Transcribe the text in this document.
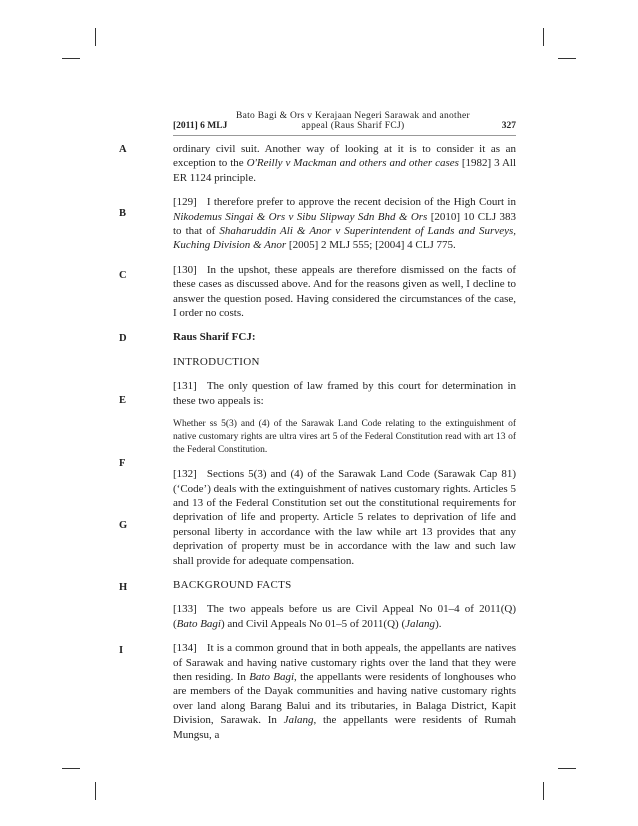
[2011] 6 MLJ
Bato Bagi & Ors v Kerajaan Negeri Sarawak and another
appeal (Raus Sharif FCJ)	327
A
B
C
D
E
F
G
H
I

ordinary civil suit. Another way of looking at it is to consider it as an exception to the O'Reilly v Mackman and others and other cases [1982] 3 All ER 1124 principle.

[129] I therefore prefer to approve the recent decision of the High Court in Nikodemus Singai & Ors v Sibu Slipway Sdn Bhd & Ors [2010] 10 CLJ 383 to that of Shaharuddin Ali & Anor v Superintendent of Lands and Surveys, Kuching Division & Anor [2005] 2 MLJ 555; [2004] 4 CLJ 775.

[130] In the upshot, these appeals are therefore dismissed on the facts of these cases as discussed above. And for the reasons given as well, I decline to answer the question posed. Having considered the circumstances of the case, I order no costs.

Raus Sharif FCJ:

INTRODUCTION

[131] The only question of law framed by this court for determination in these two appeals is:

Whether ss 5(3) and (4) of the Sarawak Land Code relating to the extinguishment of native customary rights are ultra vires art 5 of the Federal Constitution read with art 13 of the Federal Constitution.

[132] Sections 5(3) and (4) of the Sarawak Land Code (Sarawak Cap 81) (‘Code’) deals with the extinguishment of natives customary rights. Articles 5 and 13 of the Federal Constitution set out the constitutional requirements for deprivation of life and property. Article 5 relates to deprivation of life and personal liberty in accordance with the law while art 13 provides that any deprivation of property must be in accordance with the law and such law shall provide for adequate compensation.

BACKGROUND FACTS

[133] The two appeals before us are Civil Appeal No 01–4 of 2011(Q) (Bato Bagi) and Civil Appeals No 01–5 of 2011(Q) (Jalang).

[134] It is a common ground that in both appeals, the appellants are natives of Sarawak and having native customary rights over the land that they were then residing. In Bato Bagi, the appellants were residents of longhouses who are members of the Dayak communities and having native customary rights over land along Barang Balui and its tributaries, in Balaga District, Kapit Division, Sarawak. In Jalang, the appellants were residents of Rumah Mungsu, a
